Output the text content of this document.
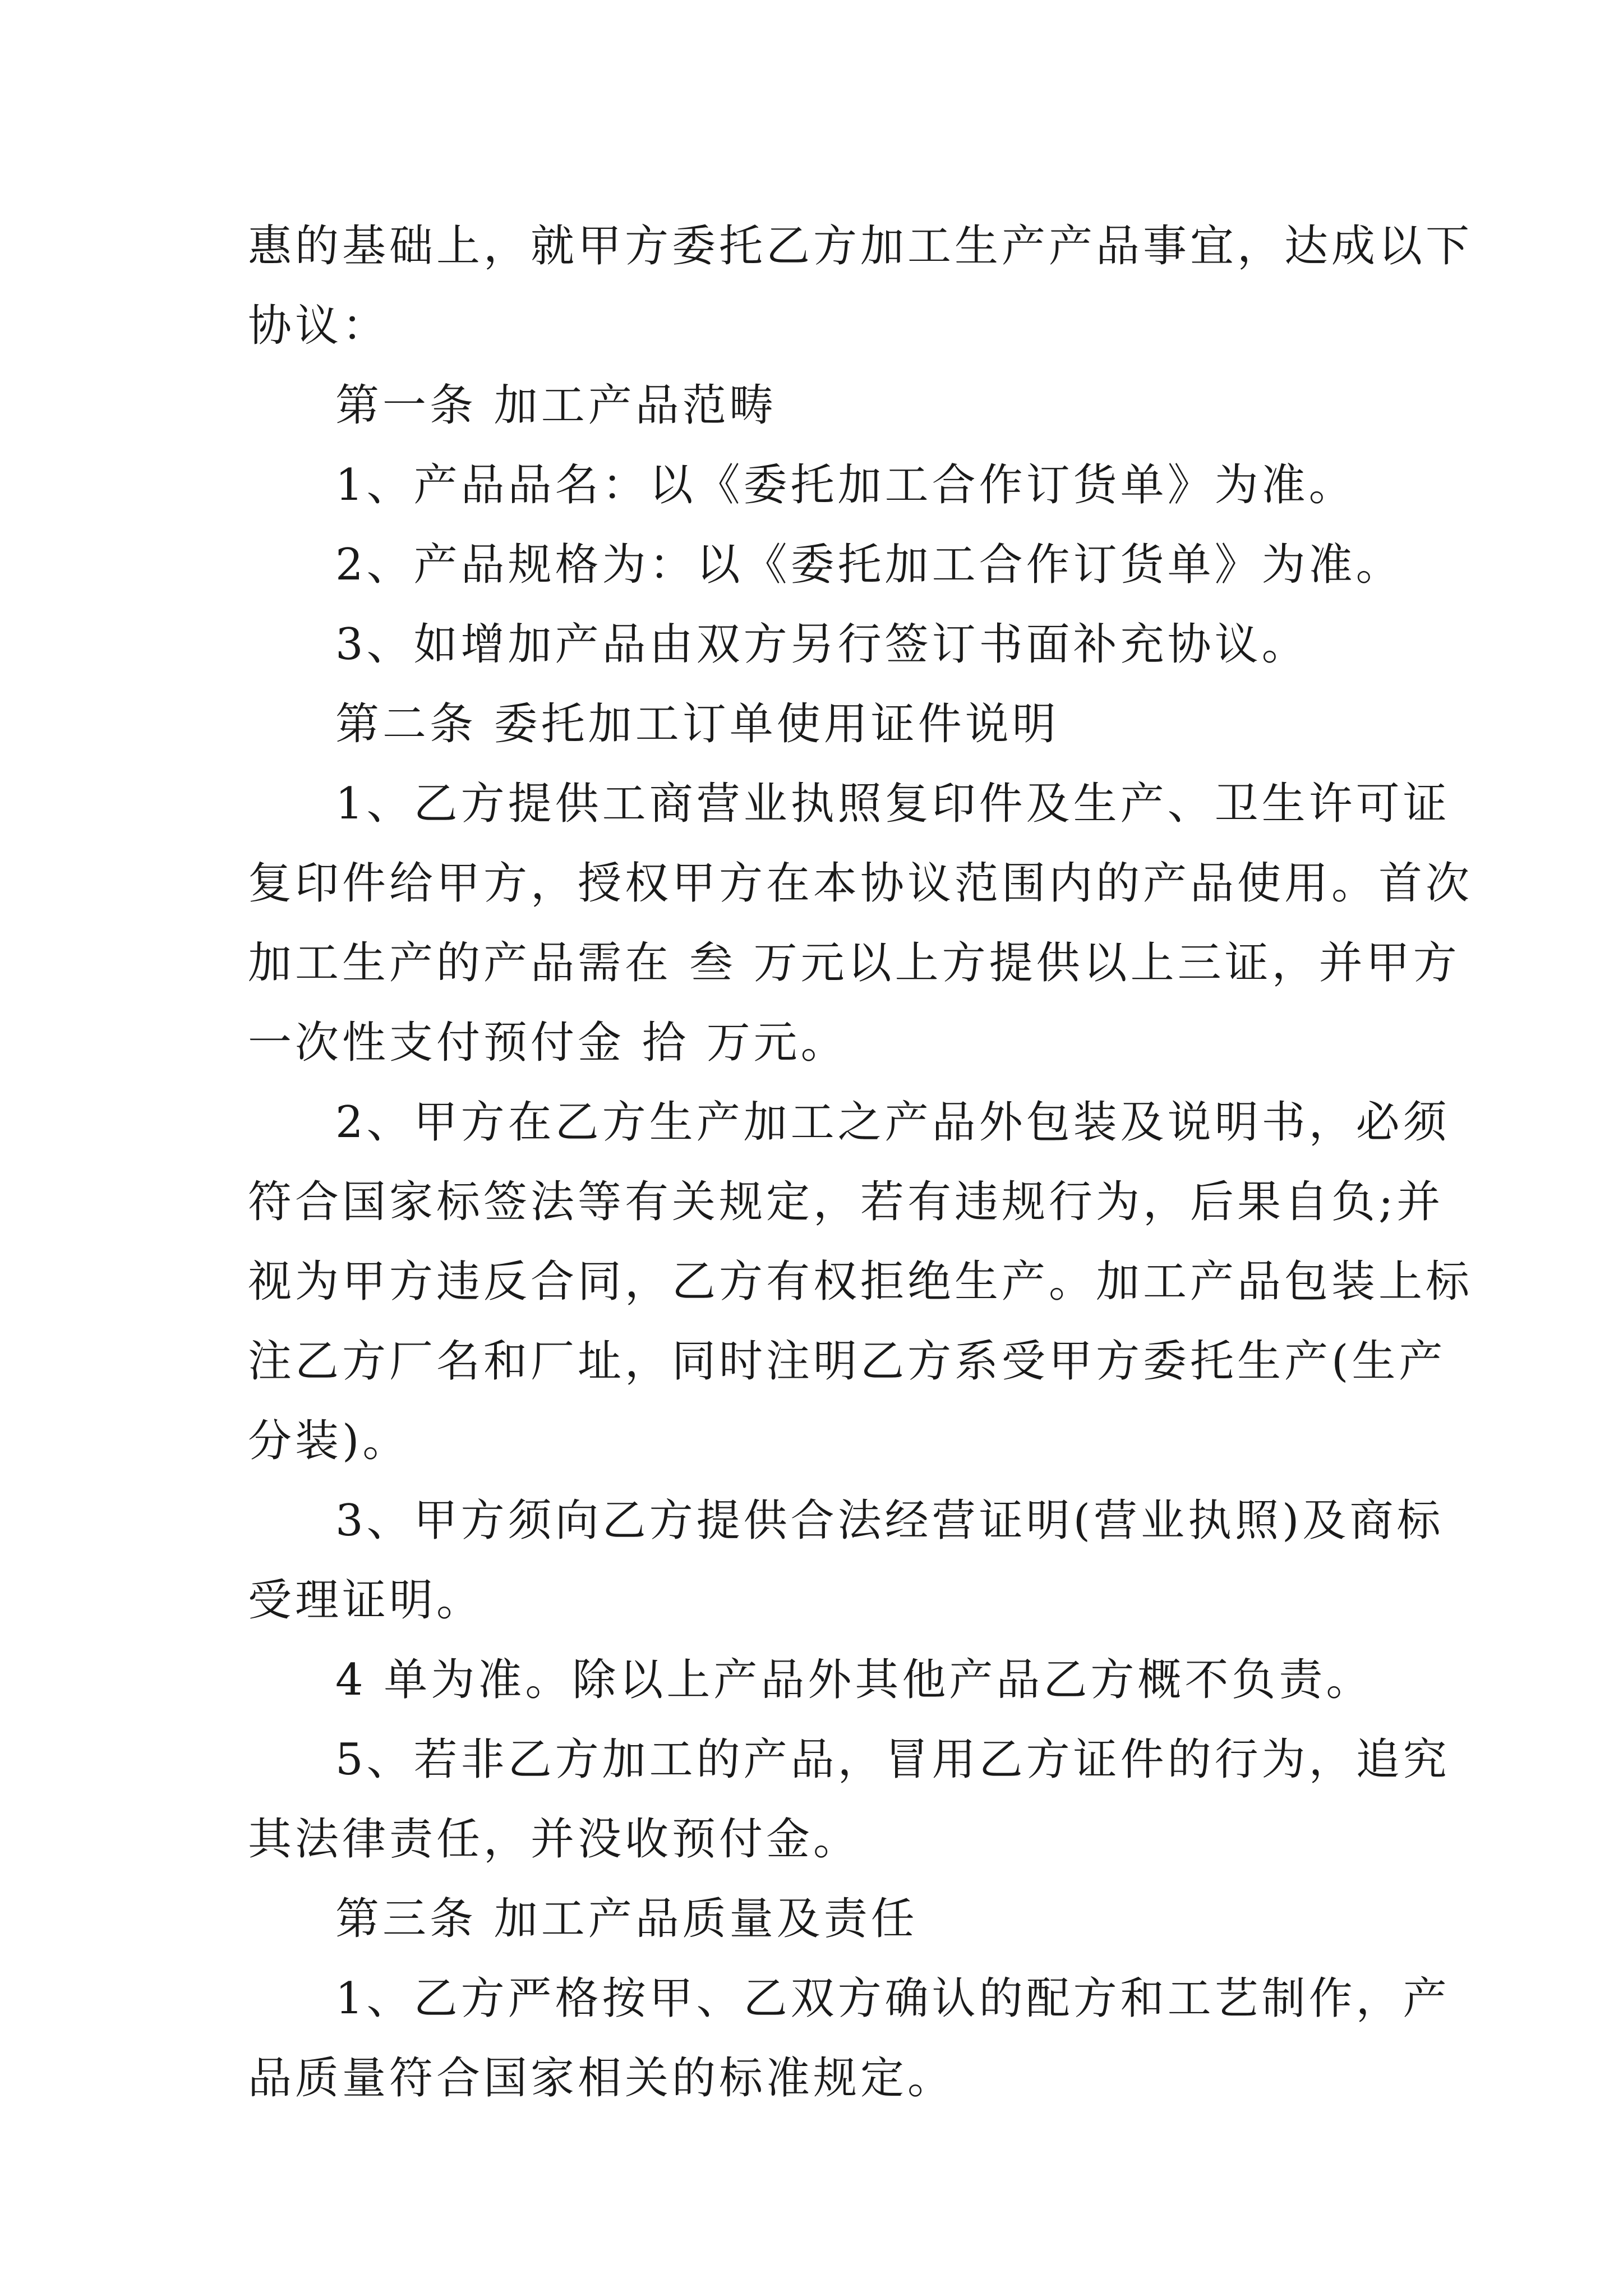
惠的基础上，就甲方委托乙方加工生产产品事宜，达成以下
协议：

第一条 加工产品范畴

1、产品品名：以《委托加工合作订货单》为准。

2、产品规格为：以《委托加工合作订货单》为准。

3、如增加产品由双方另行签订书面补充协议。

第二条 委托加工订单使用证件说明

1、乙方提供工商营业执照复印件及生产、卫生许可证
复印件给甲方，授权甲方在本协议范围内的产品使用。首次
加工生产的产品需在 叁 万元以上方提供以上三证，并甲方
一次性支付预付金 拾 万元。

2、甲方在乙方生产加工之产品外包装及说明书，必须
符合国家标签法等有关规定，若有违规行为，后果自负;并
视为甲方违反合同，乙方有权拒绝生产。加工产品包装上标
注乙方厂名和厂址，同时注明乙方系受甲方委托生产(生产
分装)。

3、甲方须向乙方提供合法经营证明(营业执照)及商标
受理证明。

4 单为准。除以上产品外其他产品乙方概不负责。

5、若非乙方加工的产品，冒用乙方证件的行为，追究
其法律责任，并没收预付金。

第三条 加工产品质量及责任

1、乙方严格按甲、乙双方确认的配方和工艺制作，产
品质量符合国家相关的标准规定。
